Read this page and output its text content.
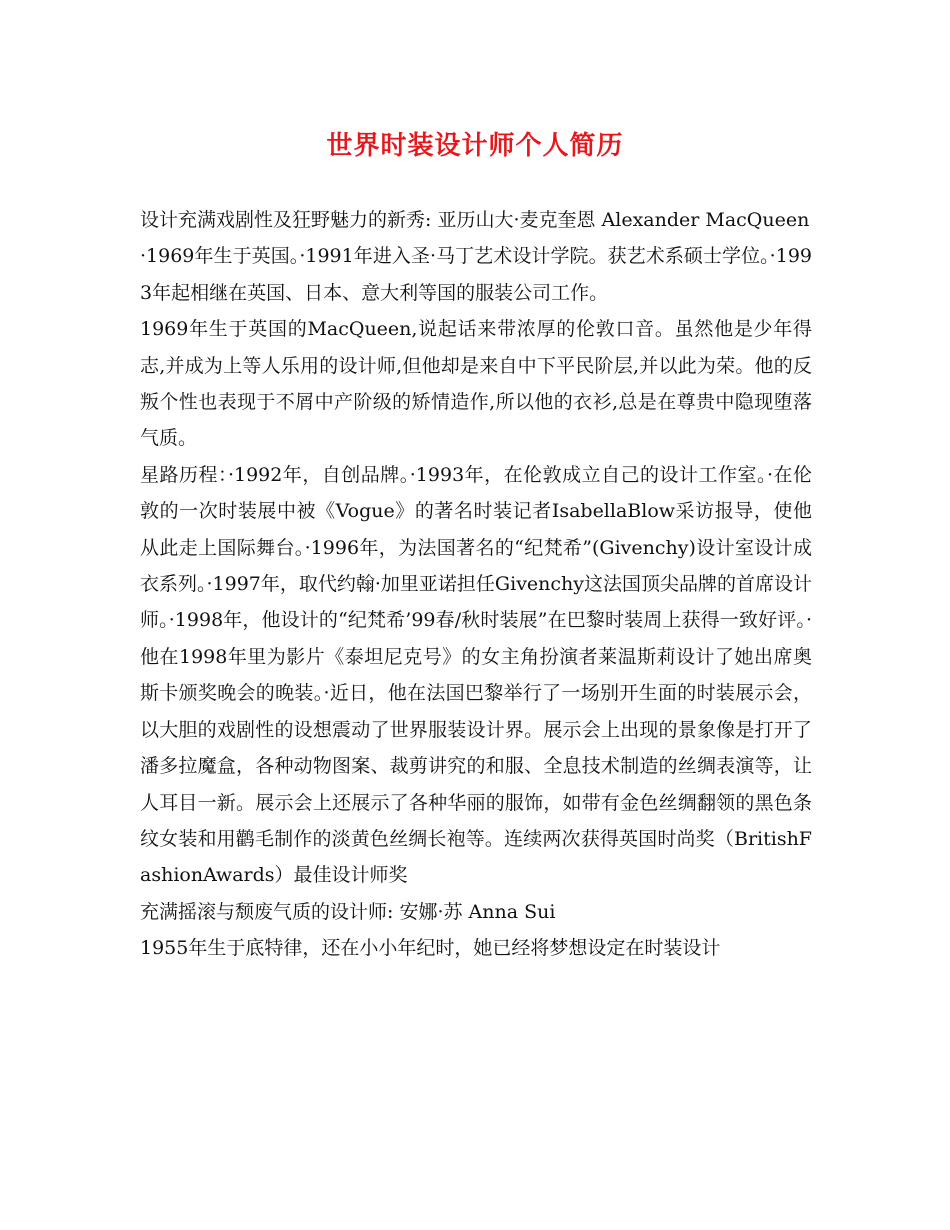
世界时装设计师个人简历

设计充满戏剧性及狂野魅力的新秀: 亚历山大·麦克奎恩 Alexander MacQueen

·1969年生于英国。·1991年进入圣·马丁艺术设计学院。获艺术系硕士学位。·1993年起相继在英国、日本、意大利等国的服装公司工作。

1969年生于英国的MacQueen,说起话来带浓厚的伦敦口音。虽然他是少年得志,并成为上等人乐用的设计师,但他却是来自中下平民阶层,并以此为荣。他的反叛个性也表现于不屑中产阶级的矫情造作,所以他的衣衫,总是在尊贵中隐现堕落气质。

星路历程：·1992年，自创品牌。·1993年，在伦敦成立自己的设计工作室。·在伦敦的一次时装展中被《Vogue》的著名时装记者IsabellaBlow采访报导，使他从此走上国际舞台。·1996年，为法国著名的“纪梵希”(Givenchy)设计室设计成衣系列。·1997年，取代约翰·加里亚诺担任Givenchy这法国顶尖品牌的首席设计师。·1998年，他设计的“纪梵希’99春/秋时装展”在巴黎时装周上获得一致好评。·他在1998年里为影片《泰坦尼克号》的女主角扮演者莱温斯莉设计了她出席奥斯卡颁奖晚会的晚装。·近日，他在法国巴黎举行了一场别开生面的时装展示会，以大胆的戏剧性的设想震动了世界服装设计界。展示会上出现的景象像是打开了潘多拉魔盒，各种动物图案、裁剪讲究的和服、全息技术制造的丝绸表演等，让人耳目一新。展示会上还展示了各种华丽的服饰，如带有金色丝绸翻领的黑色条纹女装和用鹳毛制作的淡黄色丝绸长袍等。连续两次获得英国时尚奖（BritishFashionAwards）最佳设计师奖

充满摇滚与颓废气质的设计师: 安娜·苏 Anna Sui

1955年生于底特律，还在小小年纪时，她已经将梦想设定在时装设计
